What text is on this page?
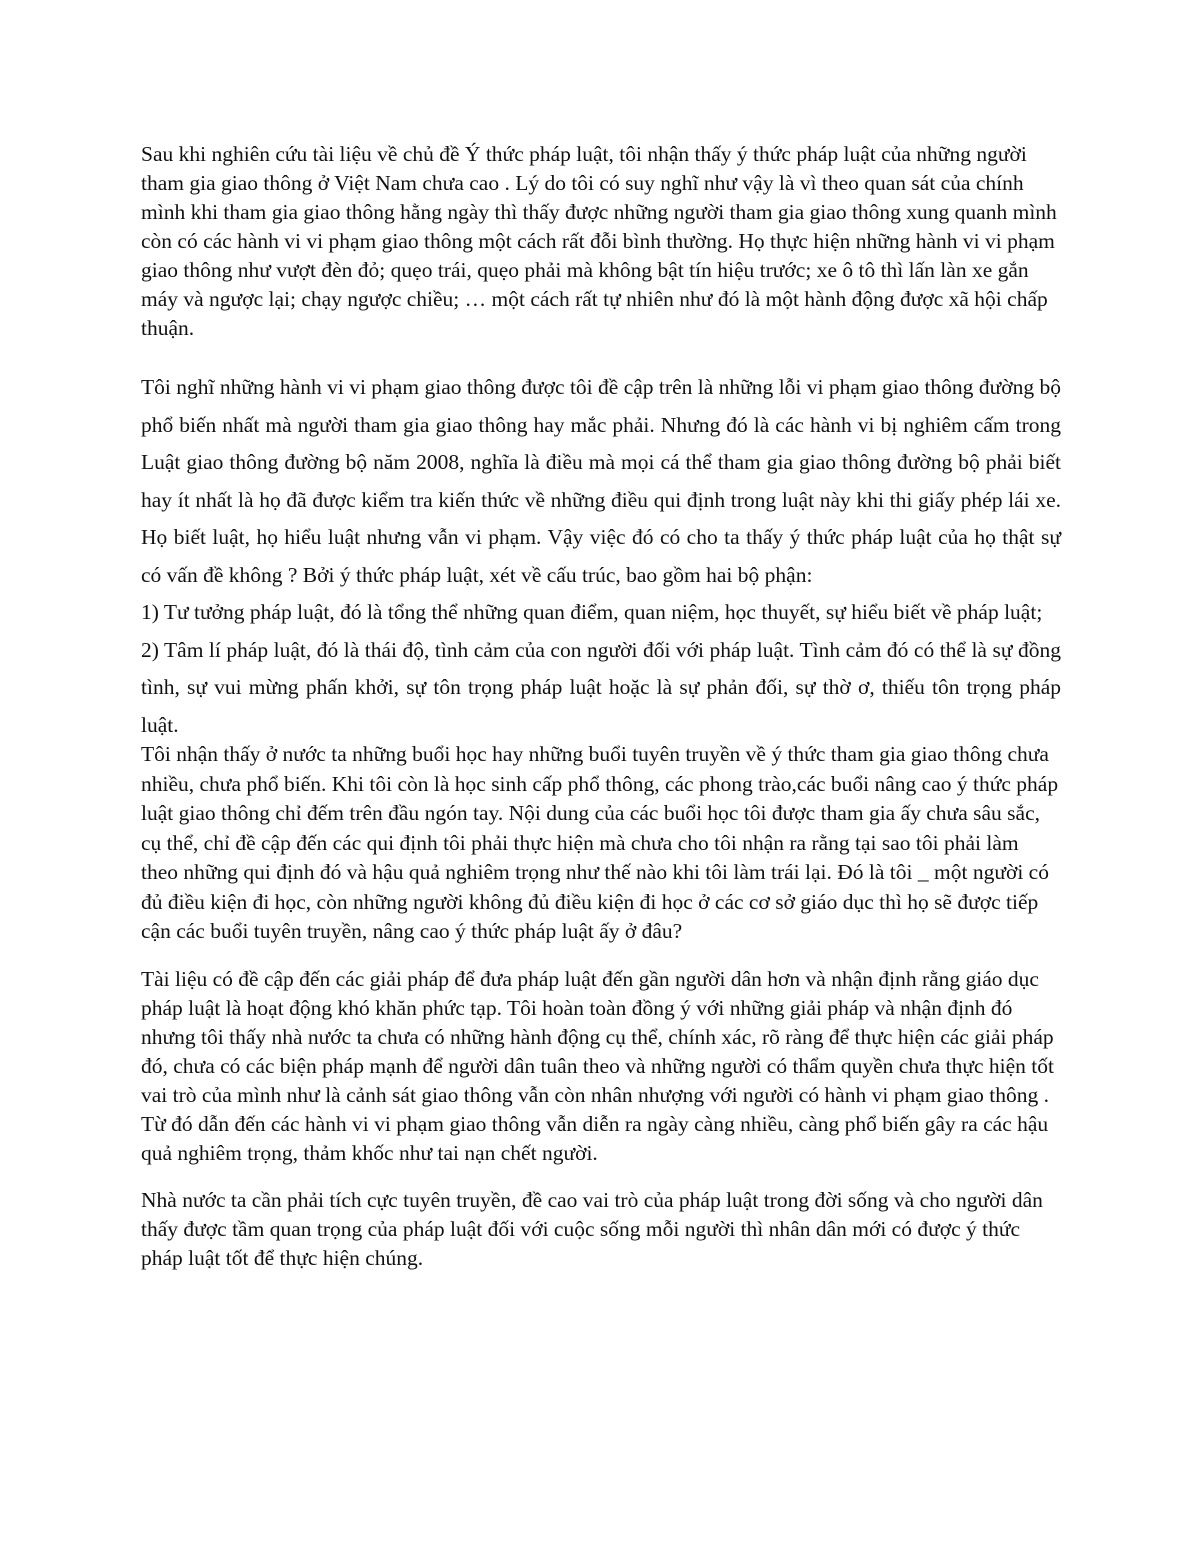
Sau khi nghiên cứu tài liệu về chủ đề Ý thức pháp luật, tôi nhận thấy ý thức pháp luật của những người tham gia giao thông ở Việt Nam chưa cao . Lý do tôi có suy nghĩ như vậy là vì theo quan sát của chính mình khi tham gia giao thông hằng ngày thì thấy được những người tham gia giao thông xung quanh mình còn có các hành vi vi phạm giao thông một cách rất đỗi bình thường. Họ thực hiện những hành vi vi phạm giao thông như vượt đèn đỏ; quẹo trái, quẹo phải mà không bật tín hiệu trước; xe ô tô thì lấn làn xe gắn máy và ngược lại; chạy ngược chiều; … một cách rất tự nhiên như đó là một hành động được xã hội chấp thuận.

Tôi nghĩ những hành vi vi phạm giao thông được tôi đề cập trên là những lỗi vi phạm giao thông đường bộ phổ biến nhất mà người tham gia giao thông hay mắc phải. Nhưng đó là các hành vi bị nghiêm cấm trong Luật giao thông đường bộ năm 2008, nghĩa là điều mà mọi cá thể tham gia giao thông đường bộ phải biết hay ít nhất là họ đã được kiểm tra kiến thức về những điều qui định trong luật này khi thi giấy phép lái xe. Họ biết luật, họ hiểu luật nhưng vẫn vi phạm. Vậy việc đó có cho ta thấy ý thức pháp luật của họ thật sự có vấn đề không ? Bởi ý thức pháp luật, xét về cấu trúc, bao gồm hai bộ phận:

1) Tư tưởng pháp luật, đó là tổng thể những quan điểm, quan niệm, học thuyết, sự hiểu biết về pháp luật;

2) Tâm lí pháp luật, đó là thái độ, tình cảm của con người đối với pháp luật. Tình cảm đó có thể là sự đồng tình, sự vui mừng phấn khởi, sự tôn trọng pháp luật hoặc là sự phản đối, sự thờ ơ, thiếu tôn trọng pháp luật.

Tôi nhận thấy ở nước ta những buổi học hay những buổi tuyên truyền về ý thức tham gia giao thông chưa nhiều, chưa phổ biến. Khi tôi còn là học sinh cấp phổ thông, các phong trào,các buổi nâng cao ý thức pháp luật giao thông chỉ đếm trên đầu ngón tay. Nội dung của các buổi học tôi được tham gia ấy chưa sâu sắc, cụ thể, chỉ đề cập đến các qui định tôi phải thực hiện mà chưa cho tôi nhận ra rằng tại sao tôi phải làm theo những qui định đó và hậu quả nghiêm trọng như thế nào khi tôi làm trái lại. Đó là tôi _ một người có đủ điều kiện đi học, còn những người không đủ điều kiện đi học ở các cơ sở giáo dục thì họ sẽ được tiếp cận các buổi tuyên truyền, nâng cao ý thức pháp luật ấy ở đâu?

Tài liệu có đề cập đến các giải pháp để đưa pháp luật đến gần người dân hơn và nhận định rằng giáo dục pháp luật là hoạt động khó khăn phức tạp. Tôi hoàn toàn đồng ý với những giải pháp và nhận định đó nhưng tôi thấy nhà nước ta chưa có những hành động cụ thể, chính xác, rõ ràng để thực hiện các giải pháp đó, chưa có các biện pháp mạnh để người dân tuân theo và những người có thẩm quyền chưa thực hiện tốt vai trò của mình như là cảnh sát giao thông vẫn còn nhân nhượng với người có hành vi phạm giao thông . Từ đó dẫn đến các hành vi vi phạm giao thông vẫn diễn ra ngày càng nhiều, càng phổ biến gây ra các hậu quả nghiêm trọng, thảm khốc như tai nạn chết người.

Nhà nước ta cần phải tích cực tuyên truyền, đề cao vai trò của pháp luật trong đời sống và cho người dân thấy được tầm quan trọng của pháp luật đối với cuộc sống mỗi người thì nhân dân mới có được ý thức pháp luật tốt để thực hiện chúng.
